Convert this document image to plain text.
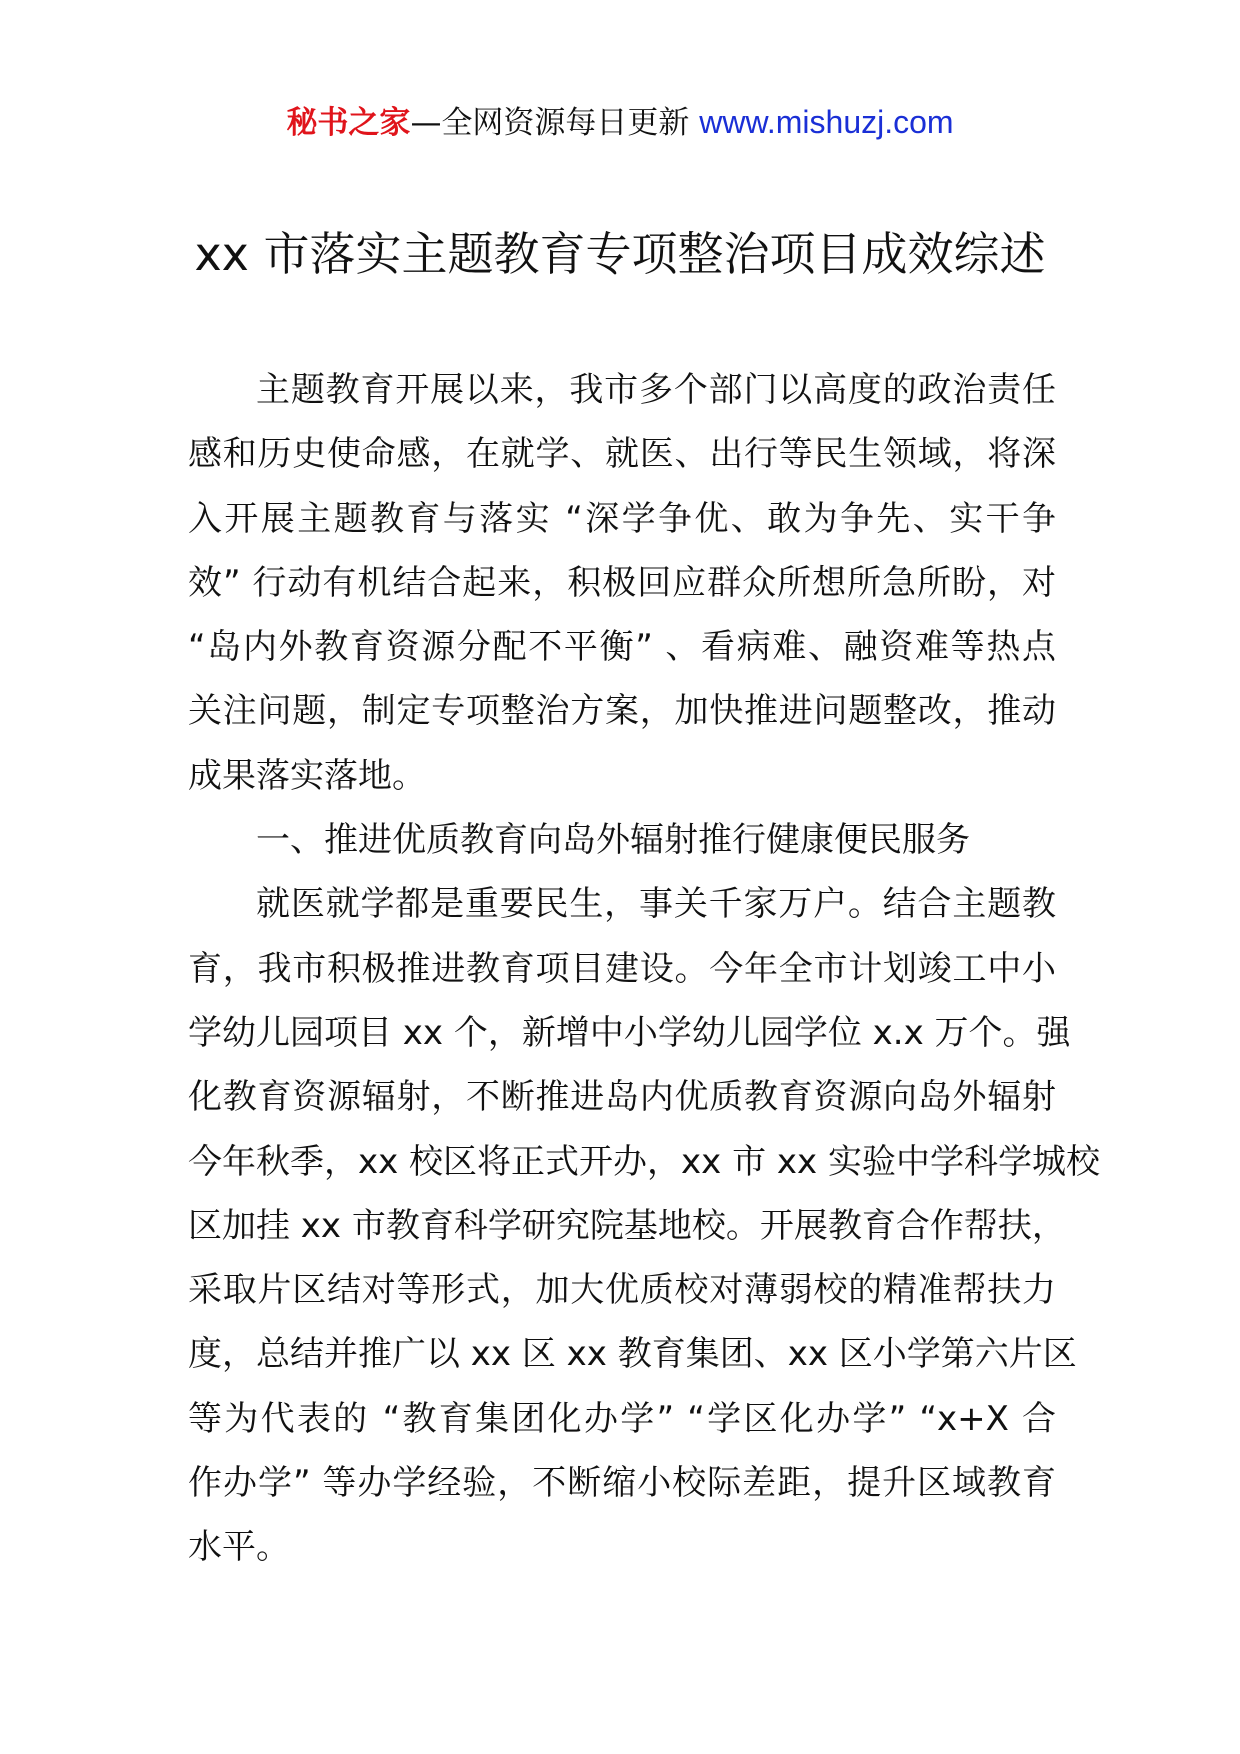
秘书之家—全网资源每日更新 www.mishuzj.com
xx 市落实主题教育专项整治项目成效综述
主题教育开展以来，我市多个部门以高度的政治责任
感和历史使命感，在就学、就医、出行等民生领域，将深
入开展主题教育与落实 “深学争优、敢为争先、实干争
效” 行动有机结合起来，积极回应群众所想所急所盼，对
“岛内外教育资源分配不平衡” 、看病难、融资难等热点
关注问题，制定专项整治方案，加快推进问题整改，推动
成果落实落地。
一、推进优质教育向岛外辐射推行健康便民服务
就医就学都是重要民生，事关千家万户。结合主题教
育，我市积极推进教育项目建设。今年全市计划竣工中小
学幼儿园项目 xx 个，新增中小学幼儿园学位 x.x 万个。强
化教育资源辐射，不断推进岛内优质教育资源向岛外辐射
今年秋季，xx 校区将正式开办，xx 市 xx 实验中学科学城校
区加挂 xx 市教育科学研究院基地校。开展教育合作帮扶，
采取片区结对等形式，加大优质校对薄弱校的精准帮扶力
度，总结并推广以 xx 区 xx 教育集团、xx 区小学第六片区
等为代表的 “教育集团化办学” “学区化办学” “x+X 合
作办学” 等办学经验，不断缩小校际差距，提升区域教育
水平。
